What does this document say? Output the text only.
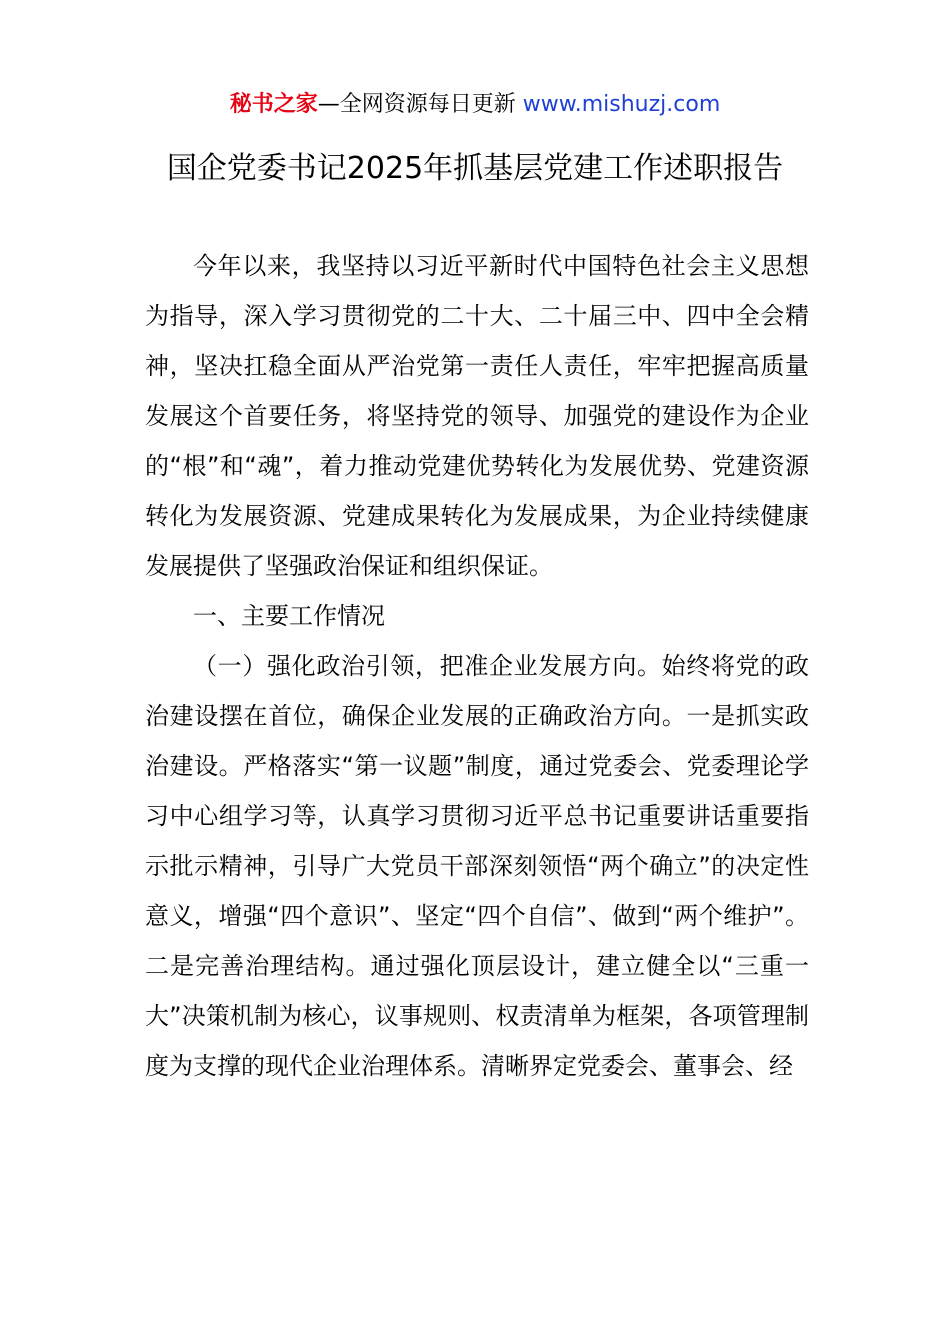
秘书之家—全网资源每日更新 www.mishuzj.com
国企党委书记2025年抓基层党建工作述职报告

今年以来，我坚持以习近平新时代中国特色社会主义思想为指导，深入学习贯彻党的二十大、二十届三中、四中全会精神，坚决扛稳全面从严治党第一责任人责任，牢牢把握高质量发展这个首要任务，将坚持党的领导、加强党的建设作为企业的“根”和“魂”，着力推动党建优势转化为发展优势、党建资源转化为发展资源、党建成果转化为发展成果，为企业持续健康发展提供了坚强政治保证和组织保证。

一、主要工作情况

（一）强化政治引领，把准企业发展方向。始终将党的政治建设摆在首位，确保企业发展的正确政治方向。一是抓实政治建设。严格落实“第一议题”制度，通过党委会、党委理论学习中心组学习等，认真学习贯彻习近平总书记重要讲话重要指示批示精神，引导广大党员干部深刻领悟“两个确立”的决定性意义，增强“四个意识”、坚定“四个自信”、做到“两个维护”。二是完善治理结构。通过强化顶层设计，建立健全以“三重一大”决策机制为核心，议事规则、权责清单为框架，各项管理制度为支撑的现代企业治理体系。清晰界定党委会、董事会、经
